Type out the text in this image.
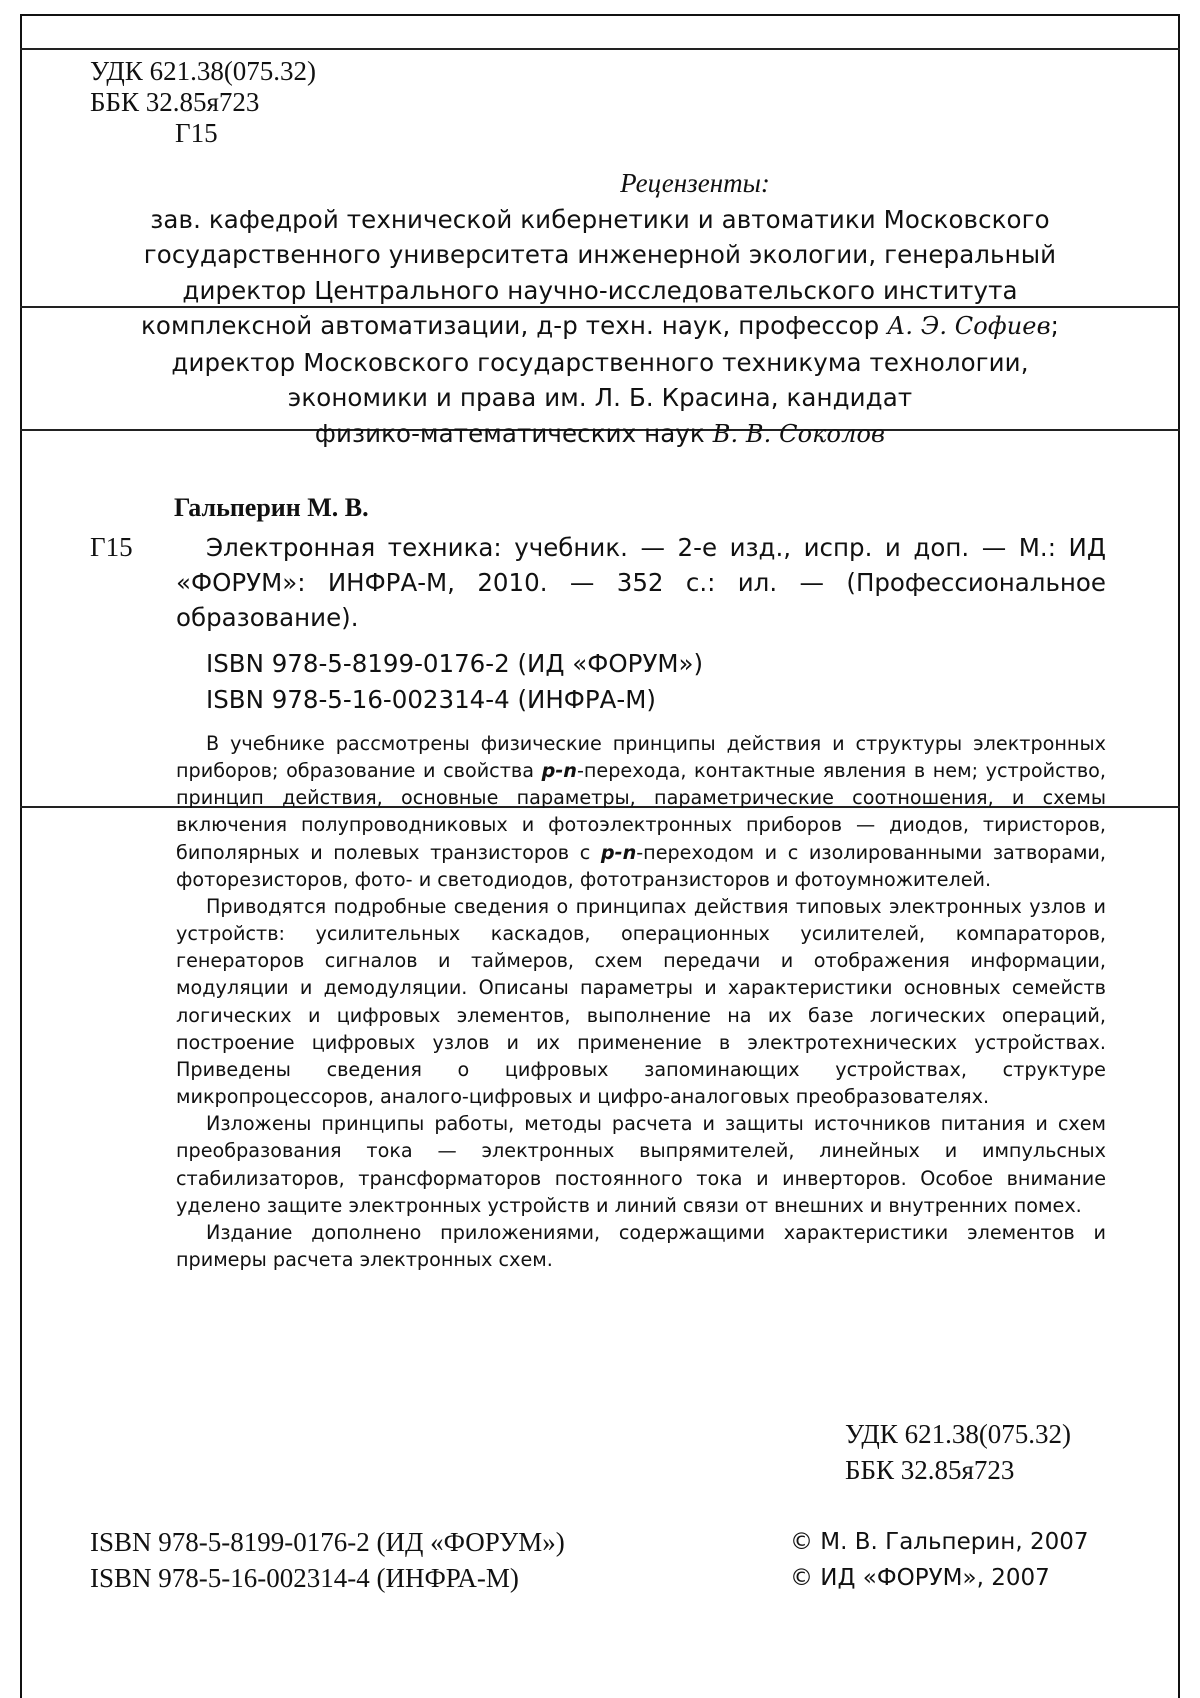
УДК 621.38(075.32)
ББК 32.85я723
Г15
Рецензенты:
зав. кафедрой технической кибернетики и автоматики Московского
государственного университета инженерной экологии, генеральный
директор Центрального научно-исследовательского института
комплексной автоматизации, д-р техн. наук, профессор А. Э. Софиев;
директор Московского государственного техникума технологии,
экономики и права им. Л. Б. Красина, кандидат
физико-математических наук В. В. Соколов
Гальперин М. В.
Г15	Электронная техника: учебник. — 2-е изд., испр. и доп. — М.: ИД «ФОРУМ»: ИНФРА-М, 2010. — 352 с.: ил. — (Профессиональное образование).
ISBN 978-5-8199-0176-2 (ИД «ФОРУМ»)
ISBN 978-5-16-002314-4 (ИНФРА-М)

В учебнике рассмотрены физические принципы действия и структуры электронных приборов; образование и свойства p-n-перехода, контактные явления в нем; устройство, принцип действия, основные параметры, параметрические соотношения, и схемы включения полупроводниковых и фотоэлектронных приборов — диодов, тиристоров, биполярных и полевых транзисторов с p-n-переходом и с изолированными затворами, фоторезисторов, фото- и светодиодов, фототранзисторов и фотоумножителей.

Приводятся подробные сведения о принципах действия типовых электронных узлов и устройств: усилительных каскадов, операционных усилителей, компараторов, генераторов сигналов и таймеров, схем передачи и отображения информации, модуляции и демодуляции. Описаны параметры и характеристики основных семейств логических и цифровых элементов, выполнение на их базе логических операций, построение цифровых узлов и их применение в электротехнических устройствах. Приведены сведения о цифровых запоминающих устройствах, структуре микропроцессоров, аналого-цифровых и цифро-аналоговых преобразователях.

Изложены принципы работы, методы расчета и защиты источников питания и схем преобразования тока — электронных выпрямителей, линейных и импульсных стабилизаторов, трансформаторов постоянного тока и инверторов. Особое внимание уделено защите электронных устройств и линий связи от внешних и внутренних помех.

Издание дополнено приложениями, содержащими характеристики элементов и примеры расчета электронных схем.

УДК 621.38(075.32)
ББК 32.85я723
ISBN 978-5-8199-0176-2 (ИД «ФОРУМ»)
ISBN 978-5-16-002314-4 (ИНФРА-М)
© М. В. Гальперин, 2007
© ИД «ФОРУМ», 2007
